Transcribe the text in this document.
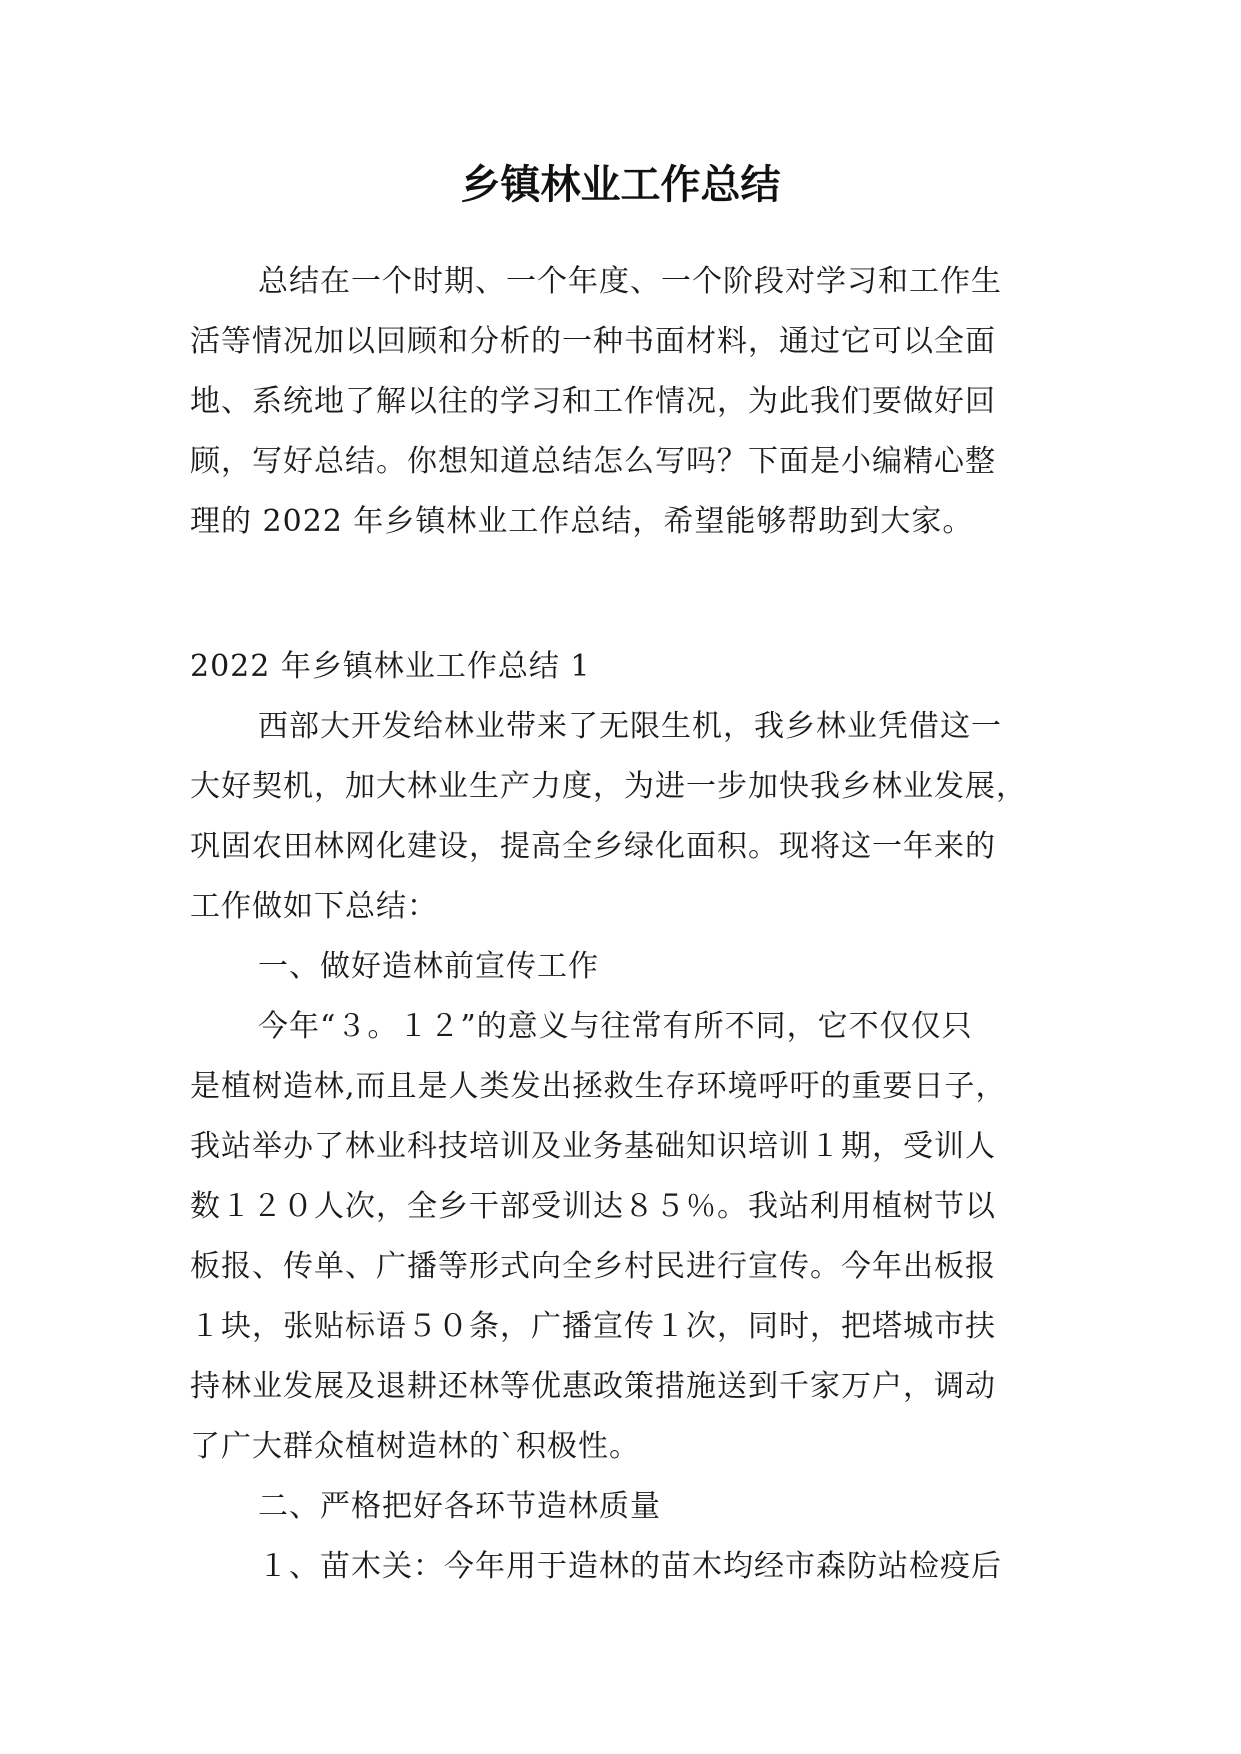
乡镇林业工作总结
总结在一个时期、一个年度、一个阶段对学习和工作生
活等情况加以回顾和分析的一种书面材料，通过它可以全面
地、系统地了解以往的学习和工作情况，为此我们要做好回
顾，写好总结。你想知道总结怎么写吗？下面是小编精心整
理的 2022 年乡镇林业工作总结，希望能够帮助到大家。
2022 年乡镇林业工作总结 1
西部大开发给林业带来了无限生机，我乡林业凭借这一
大好契机，加大林业生产力度，为进一步加快我乡林业发展，
巩固农田林网化建设，提高全乡绿化面积。现将这一年来的
工作做如下总结：
一、做好造林前宣传工作
今年“３。１２”的意义与往常有所不同，它不仅仅只
是植树造林,而且是人类发出拯救生存环境呼吁的重要日子，
我站举办了林业科技培训及业务基础知识培训１期，受训人
数１２０人次，全乡干部受训达８５％。我站利用植树节以
板报、传单、广播等形式向全乡村民进行宣传。今年出板报
１块，张贴标语５０条，广播宣传１次，同时，把塔城市扶
持林业发展及退耕还林等优惠政策措施送到千家万户，调动
了广大群众植树造林的`积极性。
二、严格把好各环节造林质量
１、苗木关：今年用于造林的苗木均经市森防站检疫后
